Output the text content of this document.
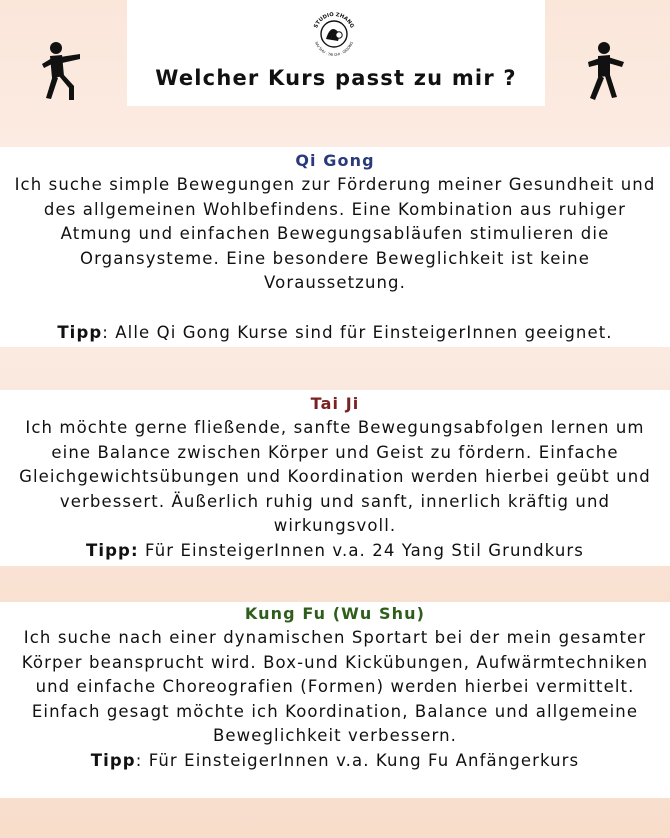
STUDIO ZHANG
WU SHU · TAI CHI · QIGONG
Welcher Kurs passt zu mir ?
Qi Gong
Ich suche simple Bewegungen zur Förderung meiner Gesundheit und des allgemeinen Wohlbefindens. Eine Kombination aus ruhiger Atmung und einfachen Bewegungsabläufen stimulieren die Organsysteme. Eine besondere Beweglichkeit ist keine Voraussetzung.
Tipp: Alle Qi Gong Kurse sind für EinsteigerInnen geeignet.
Tai Ji
Ich möchte gerne fließende, sanfte Bewegungsabfolgen lernen um eine Balance zwischen Körper und Geist zu fördern. Einfache Gleichgewichtsübungen und Koordination werden hierbei geübt und verbessert. Äußerlich ruhig und sanft, innerlich kräftig und wirkungsvoll.
Tipp: Für EinsteigerInnen v.a. 24 Yang Stil Grundkurs
Kung Fu (Wu Shu)
Ich suche nach einer dynamischen Sportart bei der mein gesamter Körper beansprucht wird. Box-und Kickübungen, Aufwärmtechniken und einfache Choreografien (Formen) werden hierbei vermittelt. Einfach gesagt möchte ich Koordination, Balance und allgemeine Beweglichkeit verbessern.
Tipp: Für EinsteigerInnen v.a. Kung Fu Anfängerkurs
